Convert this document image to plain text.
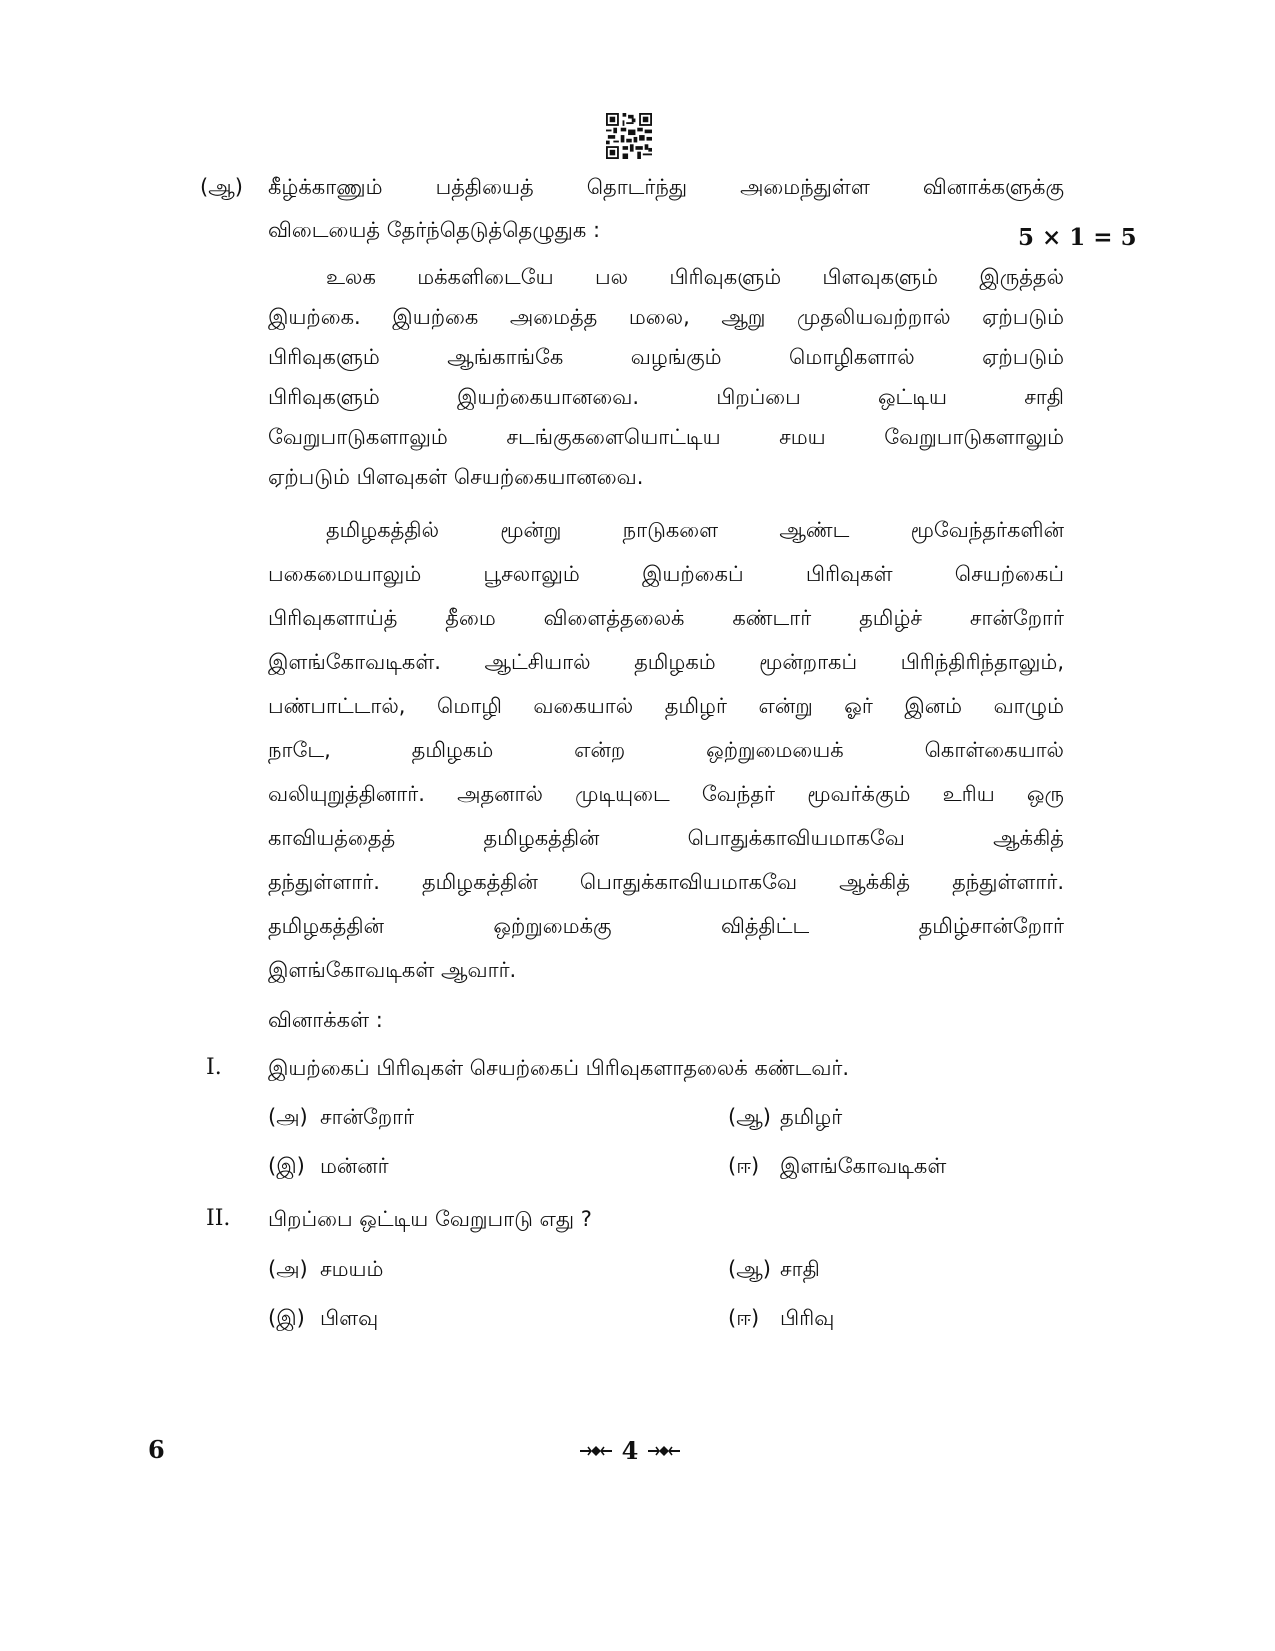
(ஆ) கீழ்க்காணும் பத்தியைத் தொடர்ந்து அமைந்துள்ள வினாக்களுக்கு
விடையைத் தேர்ந்தெடுத்தெழுதுக :	5 × 1 = 5
உலக மக்களிடையே பல பிரிவுகளும் பிளவுகளும் இருத்தல்
இயற்கை. இயற்கை அமைத்த மலை, ஆறு முதலியவற்றால் ஏற்படும்
பிரிவுகளும் ஆங்காங்கே வழங்கும் மொழிகளால் ஏற்படும்
பிரிவுகளும் இயற்கையானவை. பிறப்பை ஒட்டிய சாதி
வேறுபாடுகளாலும் சடங்குகளையொட்டிய சமய வேறுபாடுகளாலும்
ஏற்படும் பிளவுகள் செயற்கையானவை.
தமிழகத்தில் மூன்று நாடுகளை ஆண்ட மூவேந்தர்களின்
பகைமையாலும் பூசலாலும் இயற்கைப் பிரிவுகள் செயற்கைப்
பிரிவுகளாய்த் தீமை விளைத்தலைக் கண்டார் தமிழ்ச் சான்றோர்
இளங்கோவடிகள். ஆட்சியால் தமிழகம் மூன்றாகப் பிரிந்திரிந்தாலும்,
பண்பாட்டால், மொழி வகையால் தமிழர் என்று ஓர் இனம் வாழும்
நாடே, தமிழகம் என்ற ஒற்றுமையைக் கொள்கையால்
வலியுறுத்தினார். அதனால் முடியுடை வேந்தர் மூவர்க்கும் உரிய ஒரு
காவியத்தைத் தமிழகத்தின் பொதுக்காவியமாகவே ஆக்கித்
தந்துள்ளார். தமிழகத்தின் பொதுக்காவியமாகவே ஆக்கித் தந்துள்ளார்.
தமிழகத்தின் ஒற்றுமைக்கு வித்திட்ட தமிழ்சான்றோர்
இளங்கோவடிகள் ஆவார்.
வினாக்கள் :
I. இயற்கைப் பிரிவுகள் செயற்கைப் பிரிவுகளாதலைக் கண்டவர்.
(அ) சான்றோர்	(ஆ) தமிழர்
(இ) மன்னர்	(ஈ) இளங்கோவடிகள்
II. பிறப்பை ஒட்டிய வேறுபாடு எது ?
(அ) சமயம்	(ஆ) சாதி
(இ) பிளவு	(ஈ) பிரிவு
6	4
